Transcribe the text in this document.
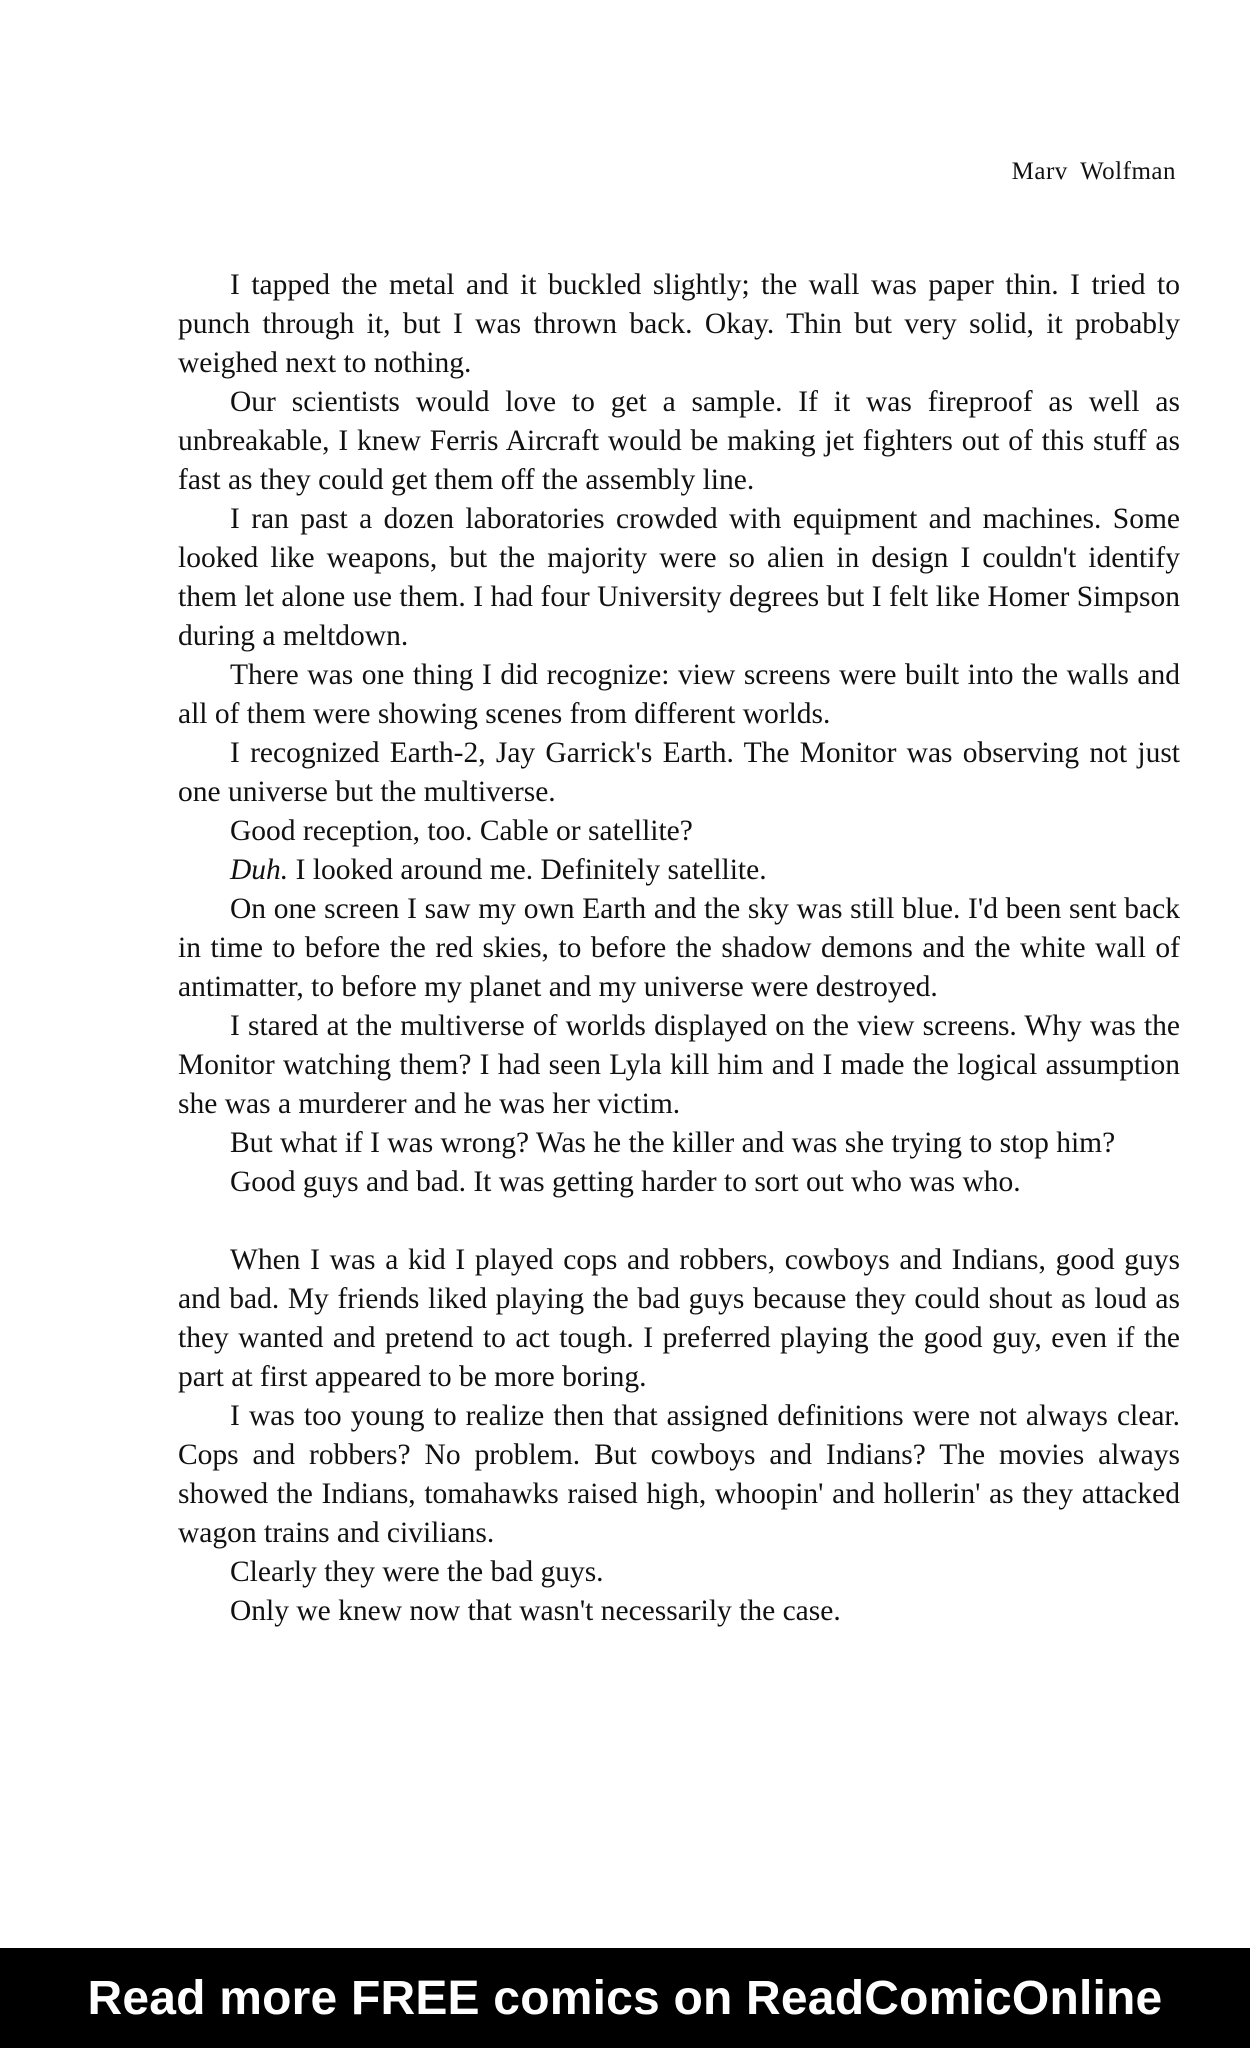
Marv Wolfman

I tapped the metal and it buckled slightly; the wall was paper thin. I tried to punch through it, but I was thrown back. Okay. Thin but very solid, it probably weighed next to nothing.

Our scientists would love to get a sample. If it was fireproof as well as unbreakable, I knew Ferris Aircraft would be making jet fighters out of this stuff as fast as they could get them off the assembly line.

I ran past a dozen laboratories crowded with equipment and machines. Some looked like weapons, but the majority were so alien in design I couldn't identify them let alone use them. I had four University degrees but I felt like Homer Simpson during a meltdown.

There was one thing I did recognize: view screens were built into the walls and all of them were showing scenes from different worlds.

I recognized Earth-2, Jay Garrick's Earth. The Monitor was observing not just one universe but the multiverse.

Good reception, too. Cable or satellite?

Duh. I looked around me. Definitely satellite.

On one screen I saw my own Earth and the sky was still blue. I'd been sent back in time to before the red skies, to before the shadow demons and the white wall of antimatter, to before my planet and my universe were destroyed.

I stared at the multiverse of worlds displayed on the view screens. Why was the Monitor watching them? I had seen Lyla kill him and I made the logical assumption she was a murderer and he was her victim.

But what if I was wrong? Was he the killer and was she trying to stop him?

Good guys and bad. It was getting harder to sort out who was who.

When I was a kid I played cops and robbers, cowboys and Indians, good guys and bad. My friends liked playing the bad guys because they could shout as loud as they wanted and pretend to act tough. I preferred playing the good guy, even if the part at first appeared to be more boring.

I was too young to realize then that assigned definitions were not always clear. Cops and robbers? No problem. But cowboys and Indians? The movies always showed the Indians, tomahawks raised high, whoopin' and hollerin' as they attacked wagon trains and civilians.

Clearly they were the bad guys.

Only we knew now that wasn't necessarily the case.

Read more FREE comics on ReadComicOnline
